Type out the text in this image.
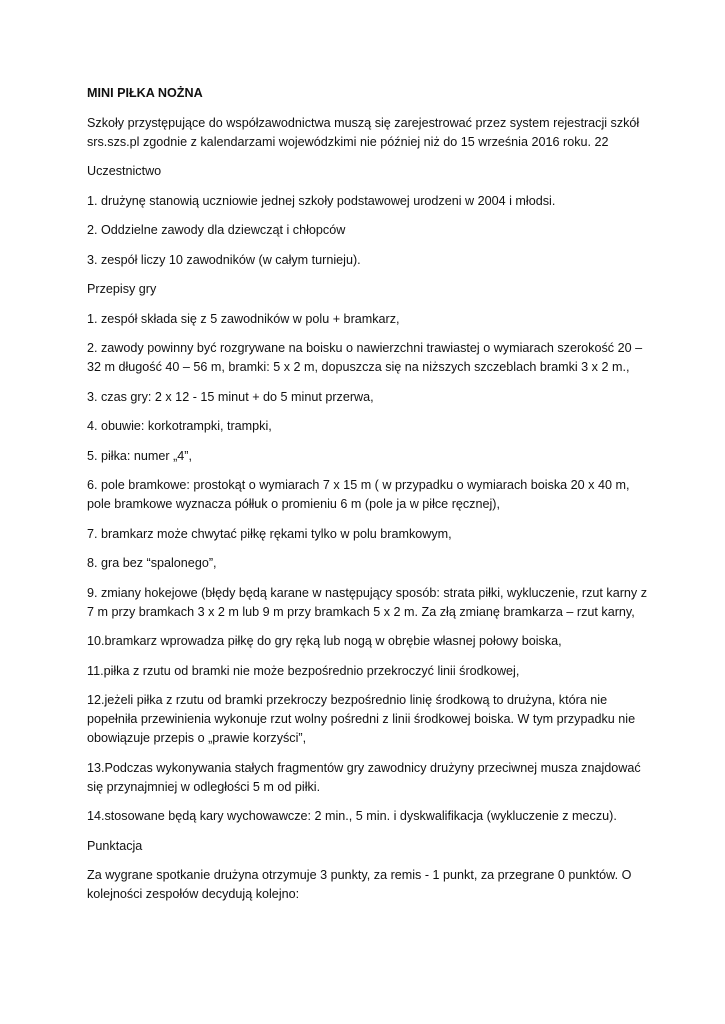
MINI PIŁKA NOŻNA

Szkoły przystępujące do współzawodnictwa muszą się zarejestrować przez system rejestracji szkół srs.szs.pl zgodnie z kalendarzami wojewódzkimi nie później niż do 15 września 2016 roku. 22

Uczestnictwo

1. drużynę stanowią uczniowie jednej szkoły podstawowej urodzeni w 2004 i młodsi.

2. Oddzielne zawody dla dziewcząt i chłopców

3. zespół liczy 10 zawodników (w całym turnieju).

Przepisy gry

1. zespół składa się z 5 zawodników w polu + bramkarz,

2. zawody powinny być rozgrywane na boisku o nawierzchni trawiastej o wymiarach szerokość 20 – 32 m długość 40 – 56 m, bramki: 5 x 2 m, dopuszcza się na niższych szczeblach bramki 3 x 2 m.,

3. czas gry: 2 x 12 - 15 minut + do 5 minut przerwa,

4. obuwie: korkotrampki, trampki,

5. piłka: numer „4”,

6. pole bramkowe: prostokąt o wymiarach 7 x 15 m ( w przypadku o wymiarach boiska 20 x 40 m, pole bramkowe wyznacza półłuk o promieniu 6 m (pole ja w piłce ręcznej),

7. bramkarz może chwytać piłkę rękami tylko w polu bramkowym,

8. gra bez “spalonego”,

9. zmiany hokejowe (błędy będą karane w następujący sposób: strata piłki, wykluczenie, rzut karny z 7 m przy bramkach 3 x 2 m lub 9 m przy bramkach 5 x 2 m. Za złą zmianę bramkarza – rzut karny,

10.bramkarz wprowadza piłkę do gry ręką lub nogą w obrębie własnej połowy boiska,

11.piłka z rzutu od bramki nie może bezpośrednio przekroczyć linii środkowej,

12.jeżeli piłka z rzutu od bramki przekroczy bezpośrednio linię środkową to drużyna, która nie popełniła przewinienia wykonuje rzut wolny pośredni z linii środkowej boiska. W tym przypadku nie obowiązuje przepis o „prawie korzyści”,

13.Podczas wykonywania stałych fragmentów gry zawodnicy drużyny przeciwnej musza znajdować się przynajmniej w odległości 5 m od piłki.

14.stosowane będą kary wychowawcze: 2 min., 5 min. i dyskwalifikacja (wykluczenie z meczu).

Punktacja

Za wygrane spotkanie drużyna otrzymuje 3 punkty, za remis - 1 punkt, za przegrane 0 punktów. O kolejności zespołów decydują kolejno:
